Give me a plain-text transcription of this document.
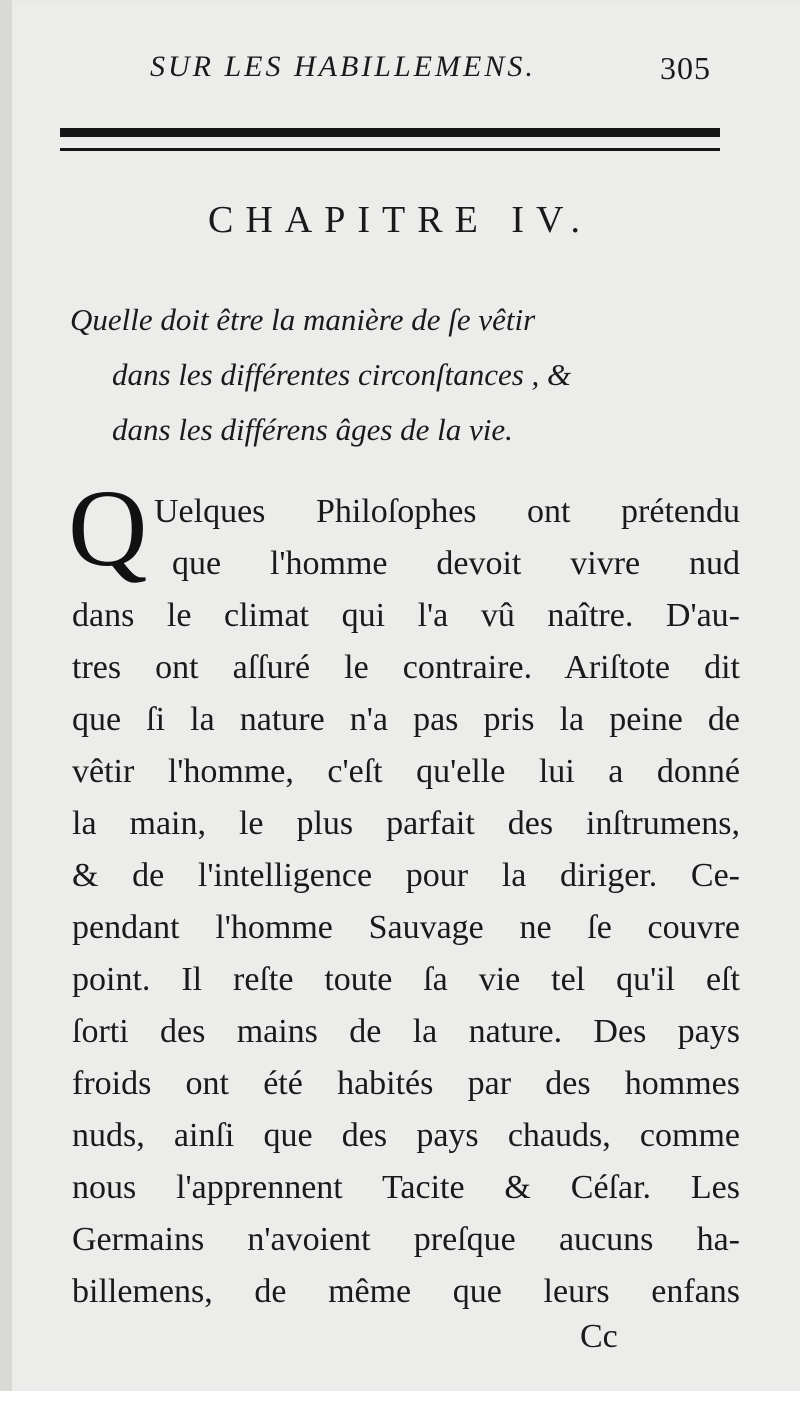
SUR LES HABILLEMENS.	305
CHAPITRE IV.
Quelle doit être la manière de ſe vêtir
dans les différentes circonſtances , &
dans les différens âges de la vie.
Q Uelques Philoſophes ont prétendu
que l'homme devoit vivre nud
dans le climat qui l'a vû naître. D'au-
tres ont aſſuré le contraire. Ariſtote dit
que ſi la nature n'a pas pris la peine de
vêtir l'homme, c'eſt qu'elle lui a donné
la main, le plus parfait des inſtrumens,
& de l'intelligence pour la diriger. Ce-
pendant l'homme Sauvage ne ſe couvre
point. Il reſte toute ſa vie tel qu'il eſt
ſorti des mains de la nature. Des pays
froids ont été habités par des hommes
nuds, ainſi que des pays chauds, comme
nous l'apprennent Tacite & Céſar. Les
Germains n'avoient preſque aucuns ha-
billemens, de même que leurs enfans
Cc
